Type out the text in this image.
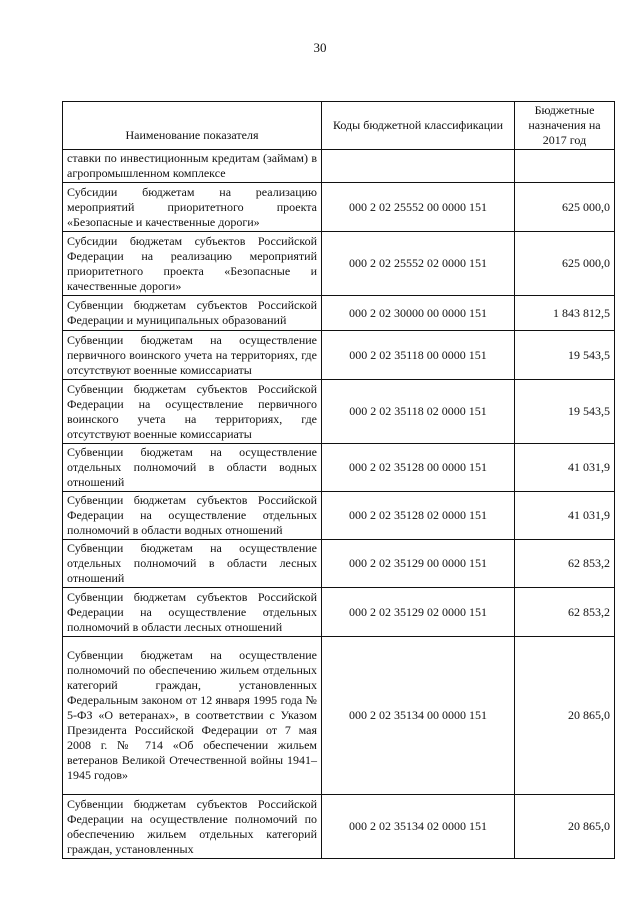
30
Наименование показателя	Коды бюджетной классификации	Бюджетные назначения на 2017 год
ставки по инвестиционным кредитам (займам) в агропромышленном комплексе		
Субсидии бюджетам на реализацию мероприятий приоритетного проекта «Безопасные и качественные дороги»	000 2 02 25552 00 0000 151	625 000,0
Субсидии бюджетам субъектов Российской Федерации на реализацию мероприятий приоритетного проекта «Безопасные и качественные дороги»	000 2 02 25552 02 0000 151	625 000,0
Субвенции бюджетам субъектов Российской Федерации и муниципальных образований	000 2 02 30000 00 0000 151	1 843 812,5
Субвенции бюджетам на осуществление первичного воинского учета на территориях, где отсутствуют военные комиссариаты	000 2 02 35118 00 0000 151	19 543,5
Субвенции бюджетам субъектов Российской Федерации на осуществление первичного воинского учета на территориях, где отсутствуют военные комиссариаты	000 2 02 35118 02 0000 151	19 543,5
Субвенции бюджетам на осуществление отдельных полномочий в области водных отношений	000 2 02 35128 00 0000 151	41 031,9
Субвенции бюджетам субъектов Российской Федерации на осуществление отдельных полномочий в области водных отношений	000 2 02 35128 02 0000 151	41 031,9
Субвенции бюджетам на осуществление отдельных полномочий в области лесных отношений	000 2 02 35129 00 0000 151	62 853,2
Субвенции бюджетам субъектов Российской Федерации на осуществление отдельных полномочий в области лесных отношений	000 2 02 35129 02 0000 151	62 853,2
Субвенции бюджетам на осуществление полномочий по обеспечению жильем отдельных категорий граждан, установленных Федеральным законом от 12 января 1995 года № 5-ФЗ «О ветеранах», в соответствии с Указом Президента Российской Федерации от 7 мая 2008 г. № 714 «Об обеспечении жильем ветеранов Великой Отечественной войны 1941–1945 годов»	000 2 02 35134 00 0000 151	20 865,0
Субвенции бюджетам субъектов Российской Федерации на осуществление полномочий по обеспечению жильем отдельных категорий граждан, установленных	000 2 02 35134 02 0000 151	20 865,0
